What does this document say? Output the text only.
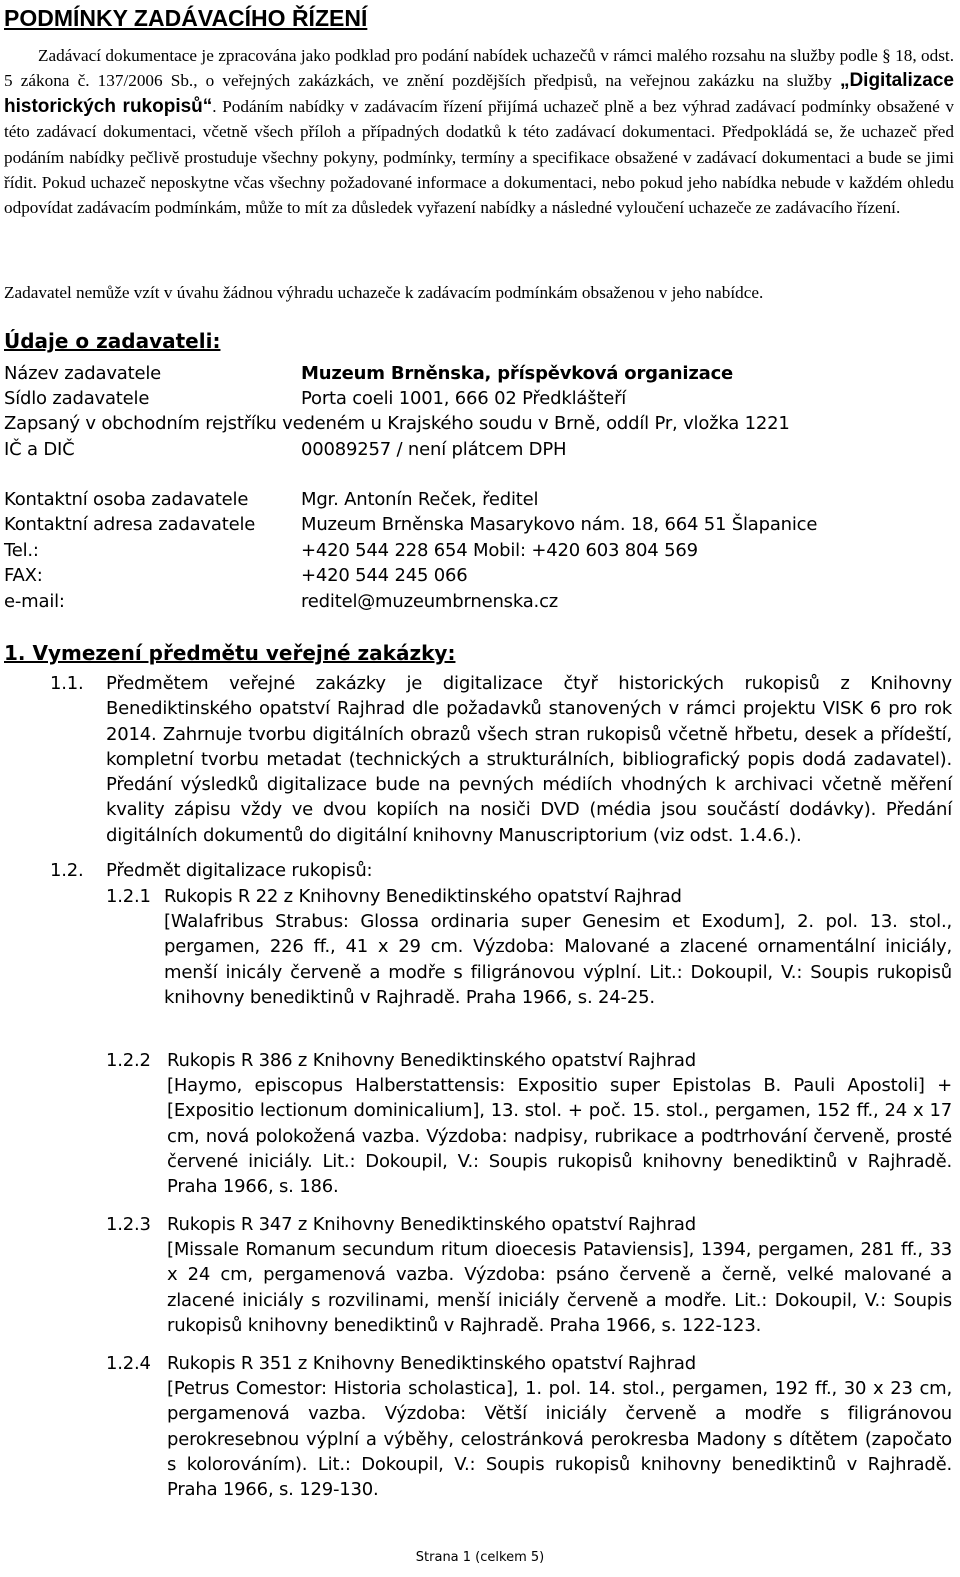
PODMÍNKY ZADÁVACÍHO ŘÍZENÍ

Zadávací dokumentace je zpracována jako podklad pro podání nabídek uchazečů v rámci malého rozsahu na služby podle § 18, odst. 5 zákona č. 137/2006 Sb., o veřejných zakázkách, ve znění pozdějších předpisů, na veřejnou zakázku na služby „Digitalizace historických rukopisů“. Podáním nabídky v zadávacím řízení přijímá uchazeč plně a bez výhrad zadávací podmínky obsažené v této zadávací dokumentaci, včetně všech příloh a případných dodatků k této zadávací dokumentaci. Předpokládá se, že uchazeč před podáním nabídky pečlivě prostuduje všechny pokyny, podmínky, termíny a specifikace obsažené v zadávací dokumentaci a bude se jimi řídit. Pokud uchazeč neposkytne včas všechny požadované informace a dokumentaci, nebo pokud jeho nabídka nebude v každém ohledu odpovídat zadávacím podmínkám, může to mít za důsledek vyřazení nabídky a následné vyloučení uchazeče ze zadávacího řízení.

Zadavatel nemůže vzít v úvahu žádnou výhradu uchazeče k zadávacím podmínkám obsaženou v jeho nabídce.

Údaje o zadavateli:
Název zadavatele	Muzeum Brněnska, příspěvková organizace
Sídlo zadavatele	Porta coeli 1001, 666 02 Předklášteří
Zapsaný v obchodním rejstříku vedeném u Krajského soudu v Brně, oddíl Pr, vložka 1221
IČ a DIČ	00089257 / není plátcem DPH
Kontaktní osoba zadavatele	Mgr. Antonín Reček, ředitel
Kontaktní adresa zadavatele	Muzeum Brněnska Masarykovo nám. 18, 664 51 Šlapanice
Tel.:	+420 544 228 654 Mobil: +420 603 804 569
FAX:	+420 544 245 066
e-mail:	reditel@muzeumbrnenska.cz
1. Vymezení předmětu veřejné zakázky:
1.1. Předmětem veřejné zakázky je digitalizace čtyř historických rukopisů z Knihovny Benediktinského opatství Rajhrad dle požadavků stanovených v rámci projektu VISK 6 pro rok 2014. Zahrnuje tvorbu digitálních obrazů všech stran rukopisů včetně hřbetu, desek a přídeští, kompletní tvorbu metadat (technických a strukturálních, bibliografický popis dodá zadavatel). Předání výsledků digitalizace bude na pevných médiích vhodných k archivaci včetně měření kvality zápisu vždy ve dvou kopiích na nosiči DVD (média jsou součástí dodávky). Předání digitálních dokumentů do digitální knihovny Manuscriptorium (viz odst. 1.4.6.).

1.2. Předmět digitalizace rukopisů:
1.2.1 Rukopis R 22 z Knihovny Benediktinského opatství Rajhrad

[Walafribus Strabus: Glossa ordinaria super Genesim et Exodum], 2. pol. 13. stol., pergamen, 226 ff., 41 x 29 cm. Výzdoba: Malované a zlacené ornamentální iniciály, menší inicály červeně a modře s filigránovou výplní. Lit.: Dokoupil, V.: Soupis rukopisů knihovny benediktinů v Rajhradě. Praha 1966, s. 24-25.

1.2.2 Rukopis R 386 z Knihovny Benediktinského opatství Rajhrad

[Haymo, episcopus Halberstattensis: Expositio super Epistolas B. Pauli Apostoli] + [Expositio lectionum dominicalium], 13. stol. + poč. 15. stol., pergamen, 152 ff., 24 x 17 cm, nová polokožená vazba. Výzdoba: nadpisy, rubrikace a podtrhování červeně, prosté červené iniciály. Lit.: Dokoupil, V.: Soupis rukopisů knihovny benediktinů v Rajhradě. Praha 1966, s. 186.

1.2.3 Rukopis R 347 z Knihovny Benediktinského opatství Rajhrad

[Missale Romanum secundum ritum dioecesis Pataviensis], 1394, pergamen, 281 ff., 33 x 24 cm, pergamenová vazba. Výzdoba: psáno červeně a černě, velké malované a zlacené iniciály s rozvilinami, menší iniciály červeně a modře. Lit.: Dokoupil, V.: Soupis rukopisů knihovny benediktinů v Rajhradě. Praha 1966, s. 122-123.

1.2.4 Rukopis R 351 z Knihovny Benediktinského opatství Rajhrad

[Petrus Comestor: Historia scholastica], 1. pol. 14. stol., pergamen, 192 ff., 30 x 23 cm, pergamenová vazba. Výzdoba: Větší iniciály červeně a modře s filigránovou perokresebnou výplní a výběhy, celostránková perokresba Madony s dítětem (započato s kolorováním). Lit.: Dokoupil, V.: Soupis rukopisů knihovny benediktinů v Rajhradě. Praha 1966, s. 129-130.

Strana 1 (celkem 5)
